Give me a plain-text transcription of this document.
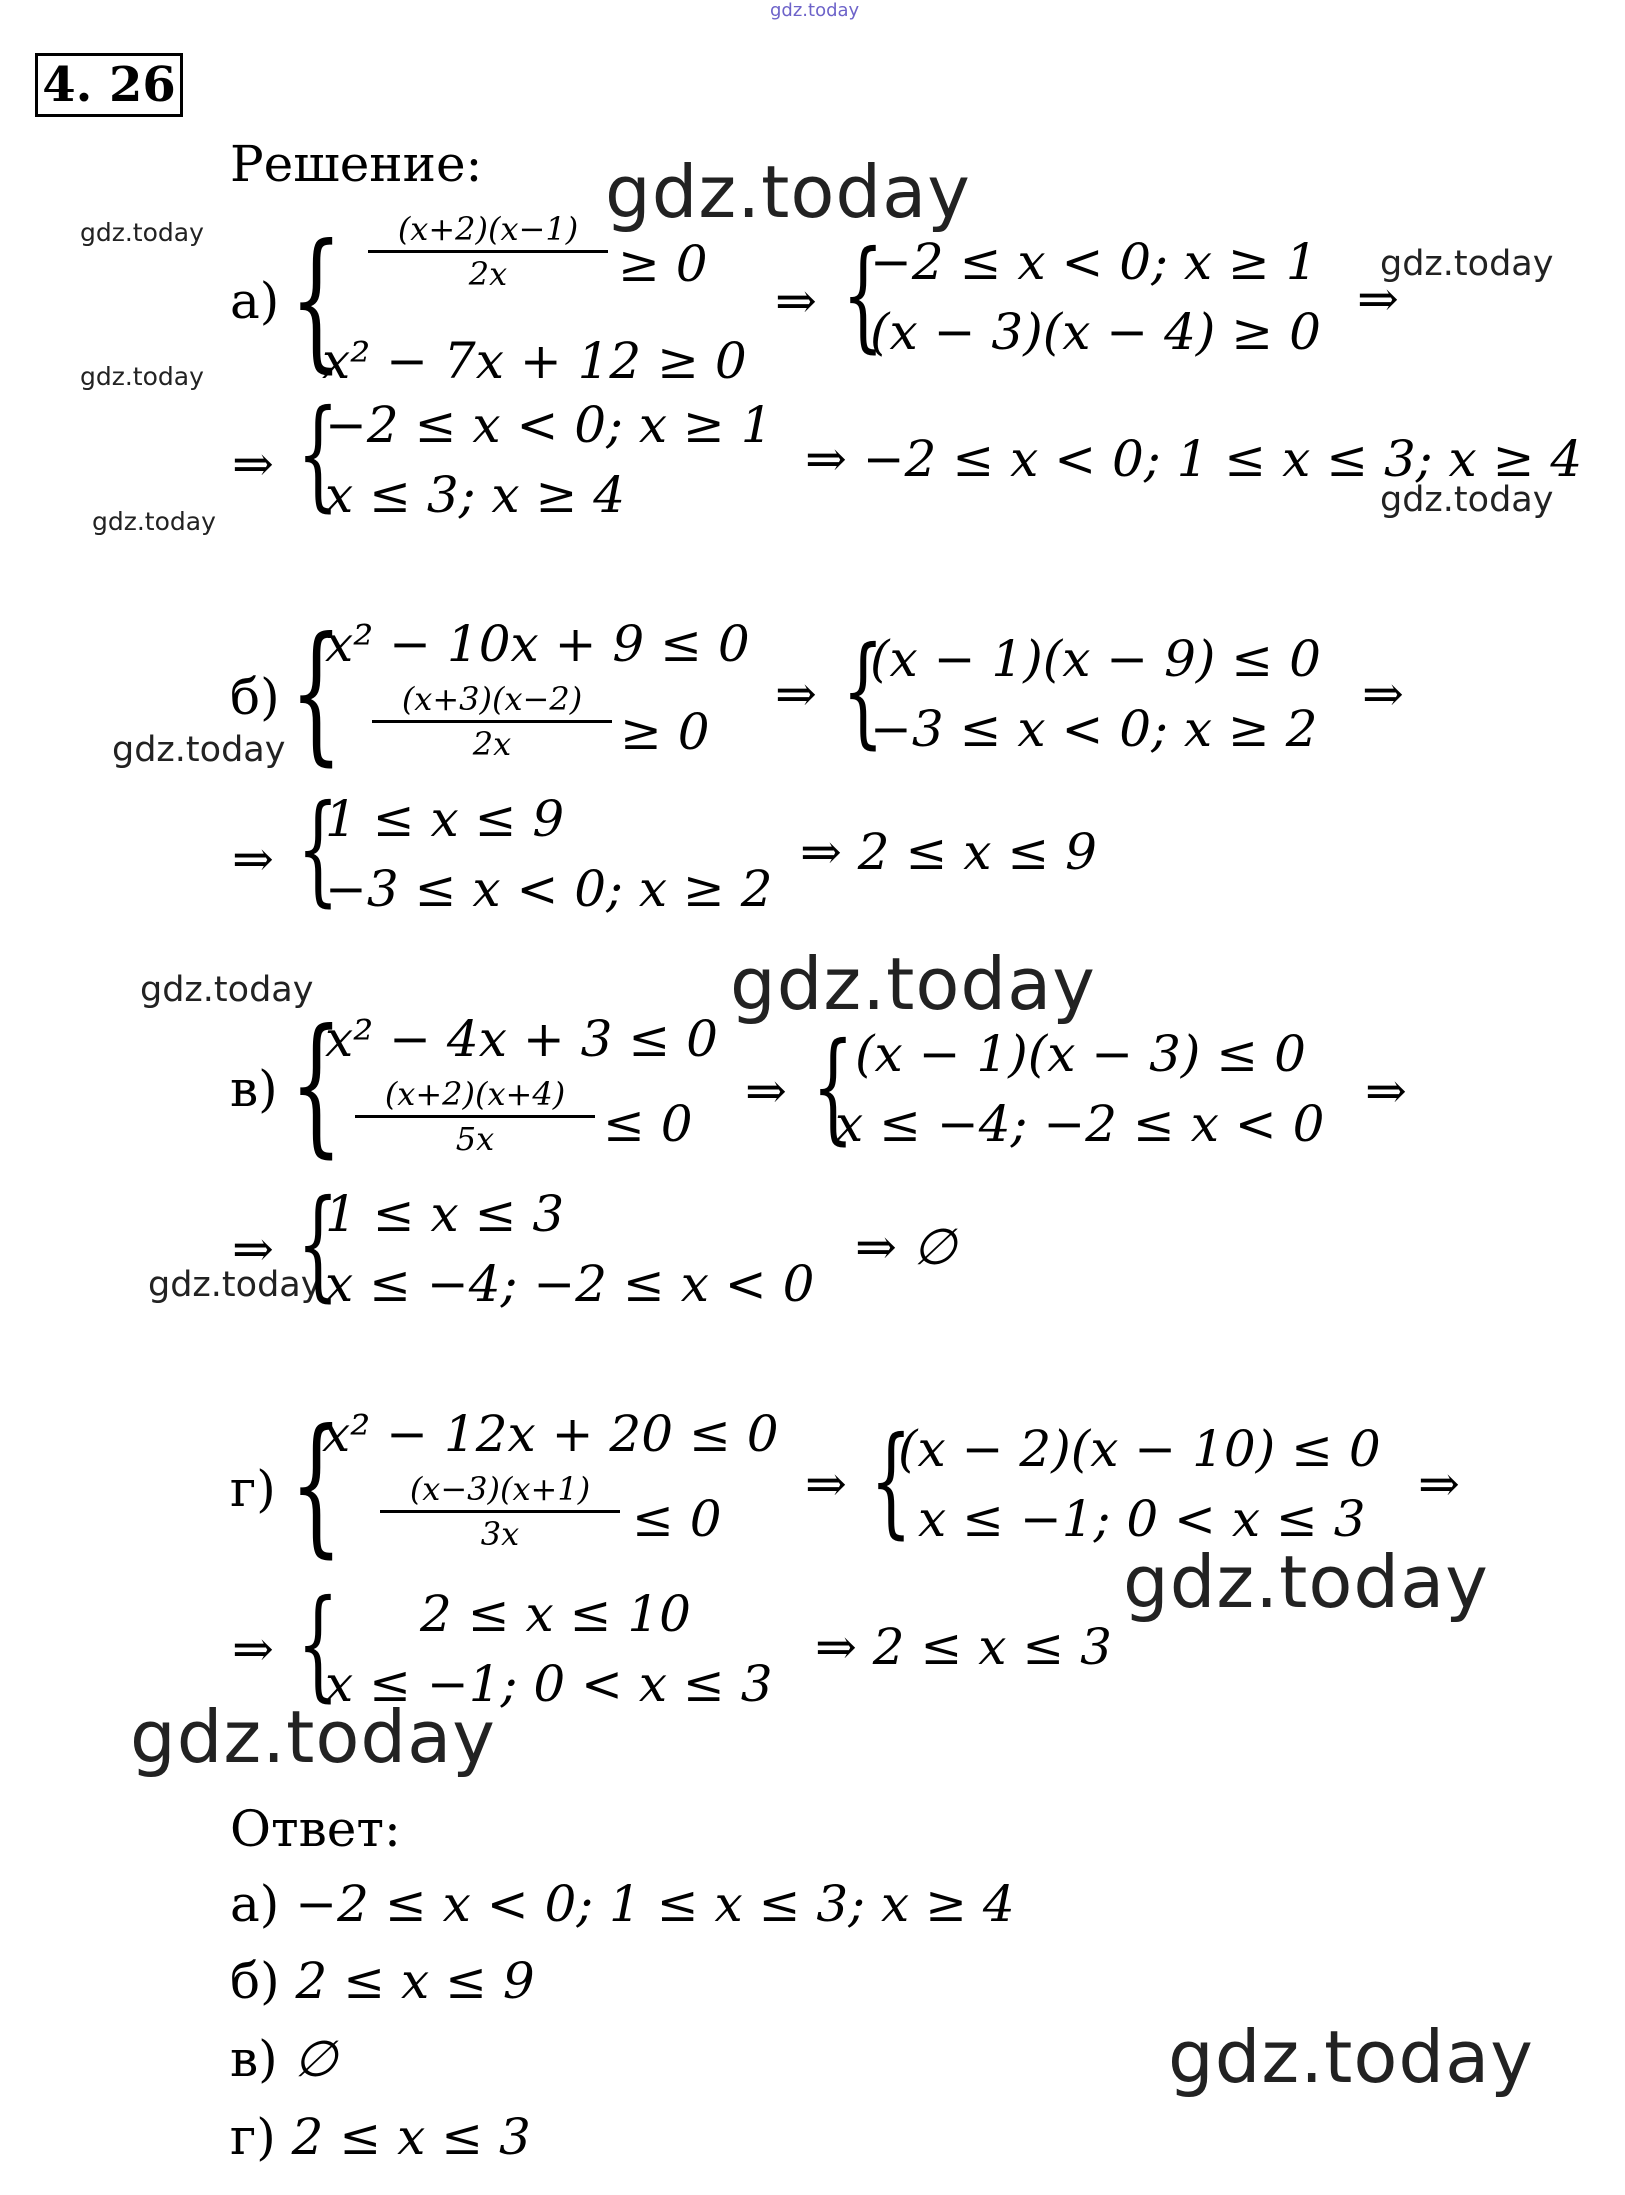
gdz.today
gdz.today
gdz.today
gdz.today
gdz.today
gdz.today
gdz.today
gdz.today
gdz.today	gdz.today
gdz.today
gdz.today
gdz.today
gdz.today
4. 26
Решение:
а) { $\frac{(x+2)(x-1)}{2x} \ge 0$
x² − 7x + 12 ≥ 0
⇒ {
−2 ≤ x < 0; x ≥ 1
(x − 3)(x − 4) ≥ 0
⇒
⇒ {
−2 ≤ x < 0; x ≥ 1
x ≤ 3; x ≥ 4
⇒ −2 ≤ x < 0; 1 ≤ x ≤ 3; x ≥ 4
б) {
x² − 10x + 9 ≤ 0
$\frac{(x+3)(x-2)}{2x} \ge 0$
⇒ {
(x − 1)(x − 9) ≤ 0
−3 ≤ x < 0; x ≥ 2
⇒
⇒ {
1 ≤ x ≤ 9
−3 ≤ x < 0; x ≥ 2
⇒ 2 ≤ x ≤ 9
в) {
x² − 4x + 3 ≤ 0
$\frac{(x+2)(x+4)}{5x} \le 0$
⇒ { (x − 1)(x − 3) ≤ 0
x ≤ −4; −2 ≤ x < 0
⇒
⇒ {
1 ≤ x ≤ 3
x ≤ −4; −2 ≤ x < 0
⇒ ∅
г) {
x² − 12x + 20 ≤ 0
$\frac{(x-3)(x+1)}{3x} \le 0$
⇒ {
(x − 2)(x − 10) ≤ 0
x ≤ −1; 0 < x ≤ 3
⇒
⇒ { 2 ≤ x ≤ 10
x ≤ −1; 0 < x ≤ 3
⇒ 2 ≤ x ≤ 3
Ответ:
а) −2 ≤ x < 0; 1 ≤ x ≤ 3; x ≥ 4
б) 2 ≤ x ≤ 9
в) ∅
г) 2 ≤ x ≤ 3
